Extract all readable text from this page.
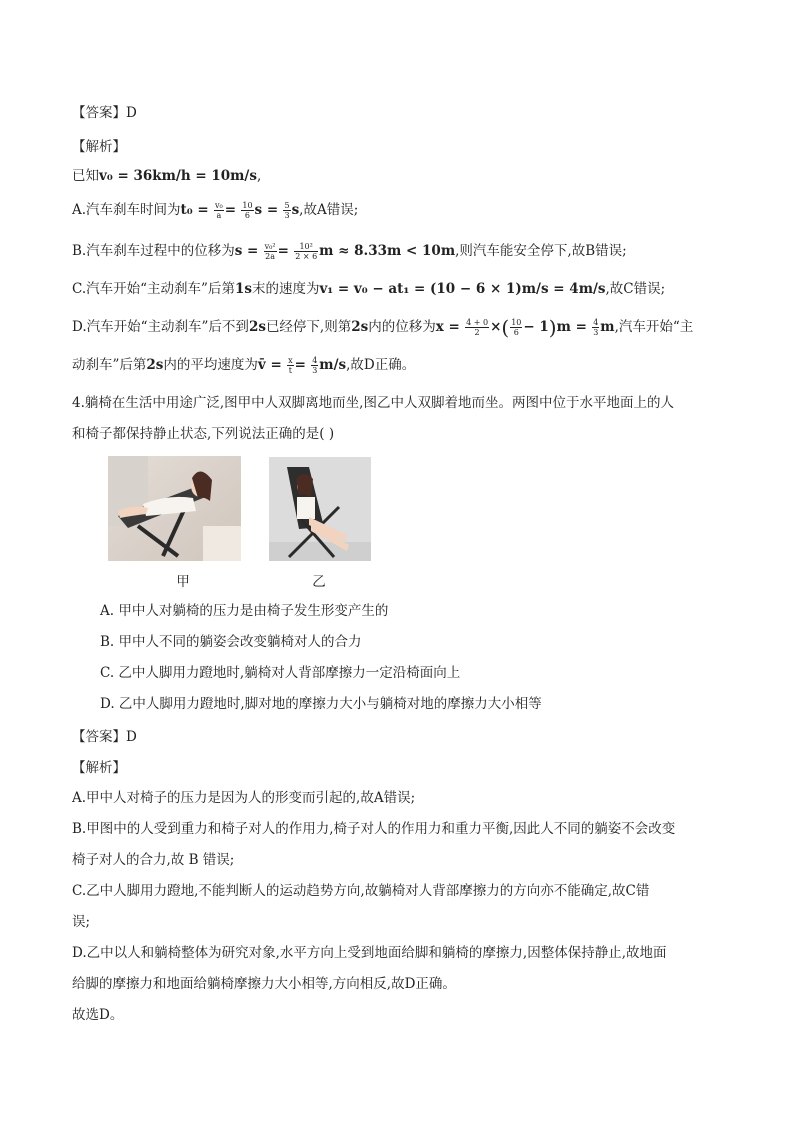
【答案】D
【解析】
已知v₀ = 36km/h = 10m/s,
A.汽车刹车时间为$t_0 = \frac{\text{v₀}}{a} = \frac{10}{6}$ $s = \frac{5}{3} s$,故A错误;
B.汽车刹车过程中的位移为$s = \frac{\text{v₀²}}{2a} = \frac{\text{10²}}{2 \times 6}$ m ≈ 8.33m < 10m,则汽车能安全停下,故B错误;
C.汽车开始“主动刹车”后第1s末的速度为v₁ = v₀ − at₁ = (10 − 6 × 1)m/s = 4m/s,故C错误;
D.汽车开始“主动刹车”后不到2s已经停下,则第2s内的位移为$x = \frac{4 + 0}{2}$ ×( $\frac{10}{6} - 1)m = \frac{4}{3} m$,汽车开始“主
动刹车”后第2s内的平均速度为v̄ = $\frac{x}{t} = \frac{4}{3} m/s$,故D正确。
4.躺椅在生活中用途广泛,图甲中人双脚离地而坐,图乙中人双脚着地而坐。两图中位于水平地面上的人
和椅子都保持静止状态,下列说法正确的是( )
甲	乙
A. 甲中人对躺椅的压力是由椅子发生形变产生的
B. 甲中人不同的躺姿会改变躺椅对人的合力
C. 乙中人脚用力蹬地时,躺椅对人背部摩擦力一定沿椅面向上
D. 乙中人脚用力蹬地时,脚对地的摩擦力大小与躺椅对地的摩擦力大小相等
【答案】D
【解析】
A.甲中人对椅子的压力是因为人的形变而引起的,故A错误;
B.甲图中的人受到重力和椅子对人的作用力,椅子对人的作用力和重力平衡,因此人不同的躺姿不会改变
椅子对人的合力,故 B 错误;
C.乙中人脚用力蹬地,不能判断人的运动趋势方向,故躺椅对人背部摩擦力的方向亦不能确定,故C错
误;
D.乙中以人和躺椅整体为研究对象,水平方向上受到地面给脚和躺椅的摩擦力,因整体保持静止,故地面
给脚的摩擦力和地面给躺椅摩擦力大小相等,方向相反,故D正确。
故选D。
